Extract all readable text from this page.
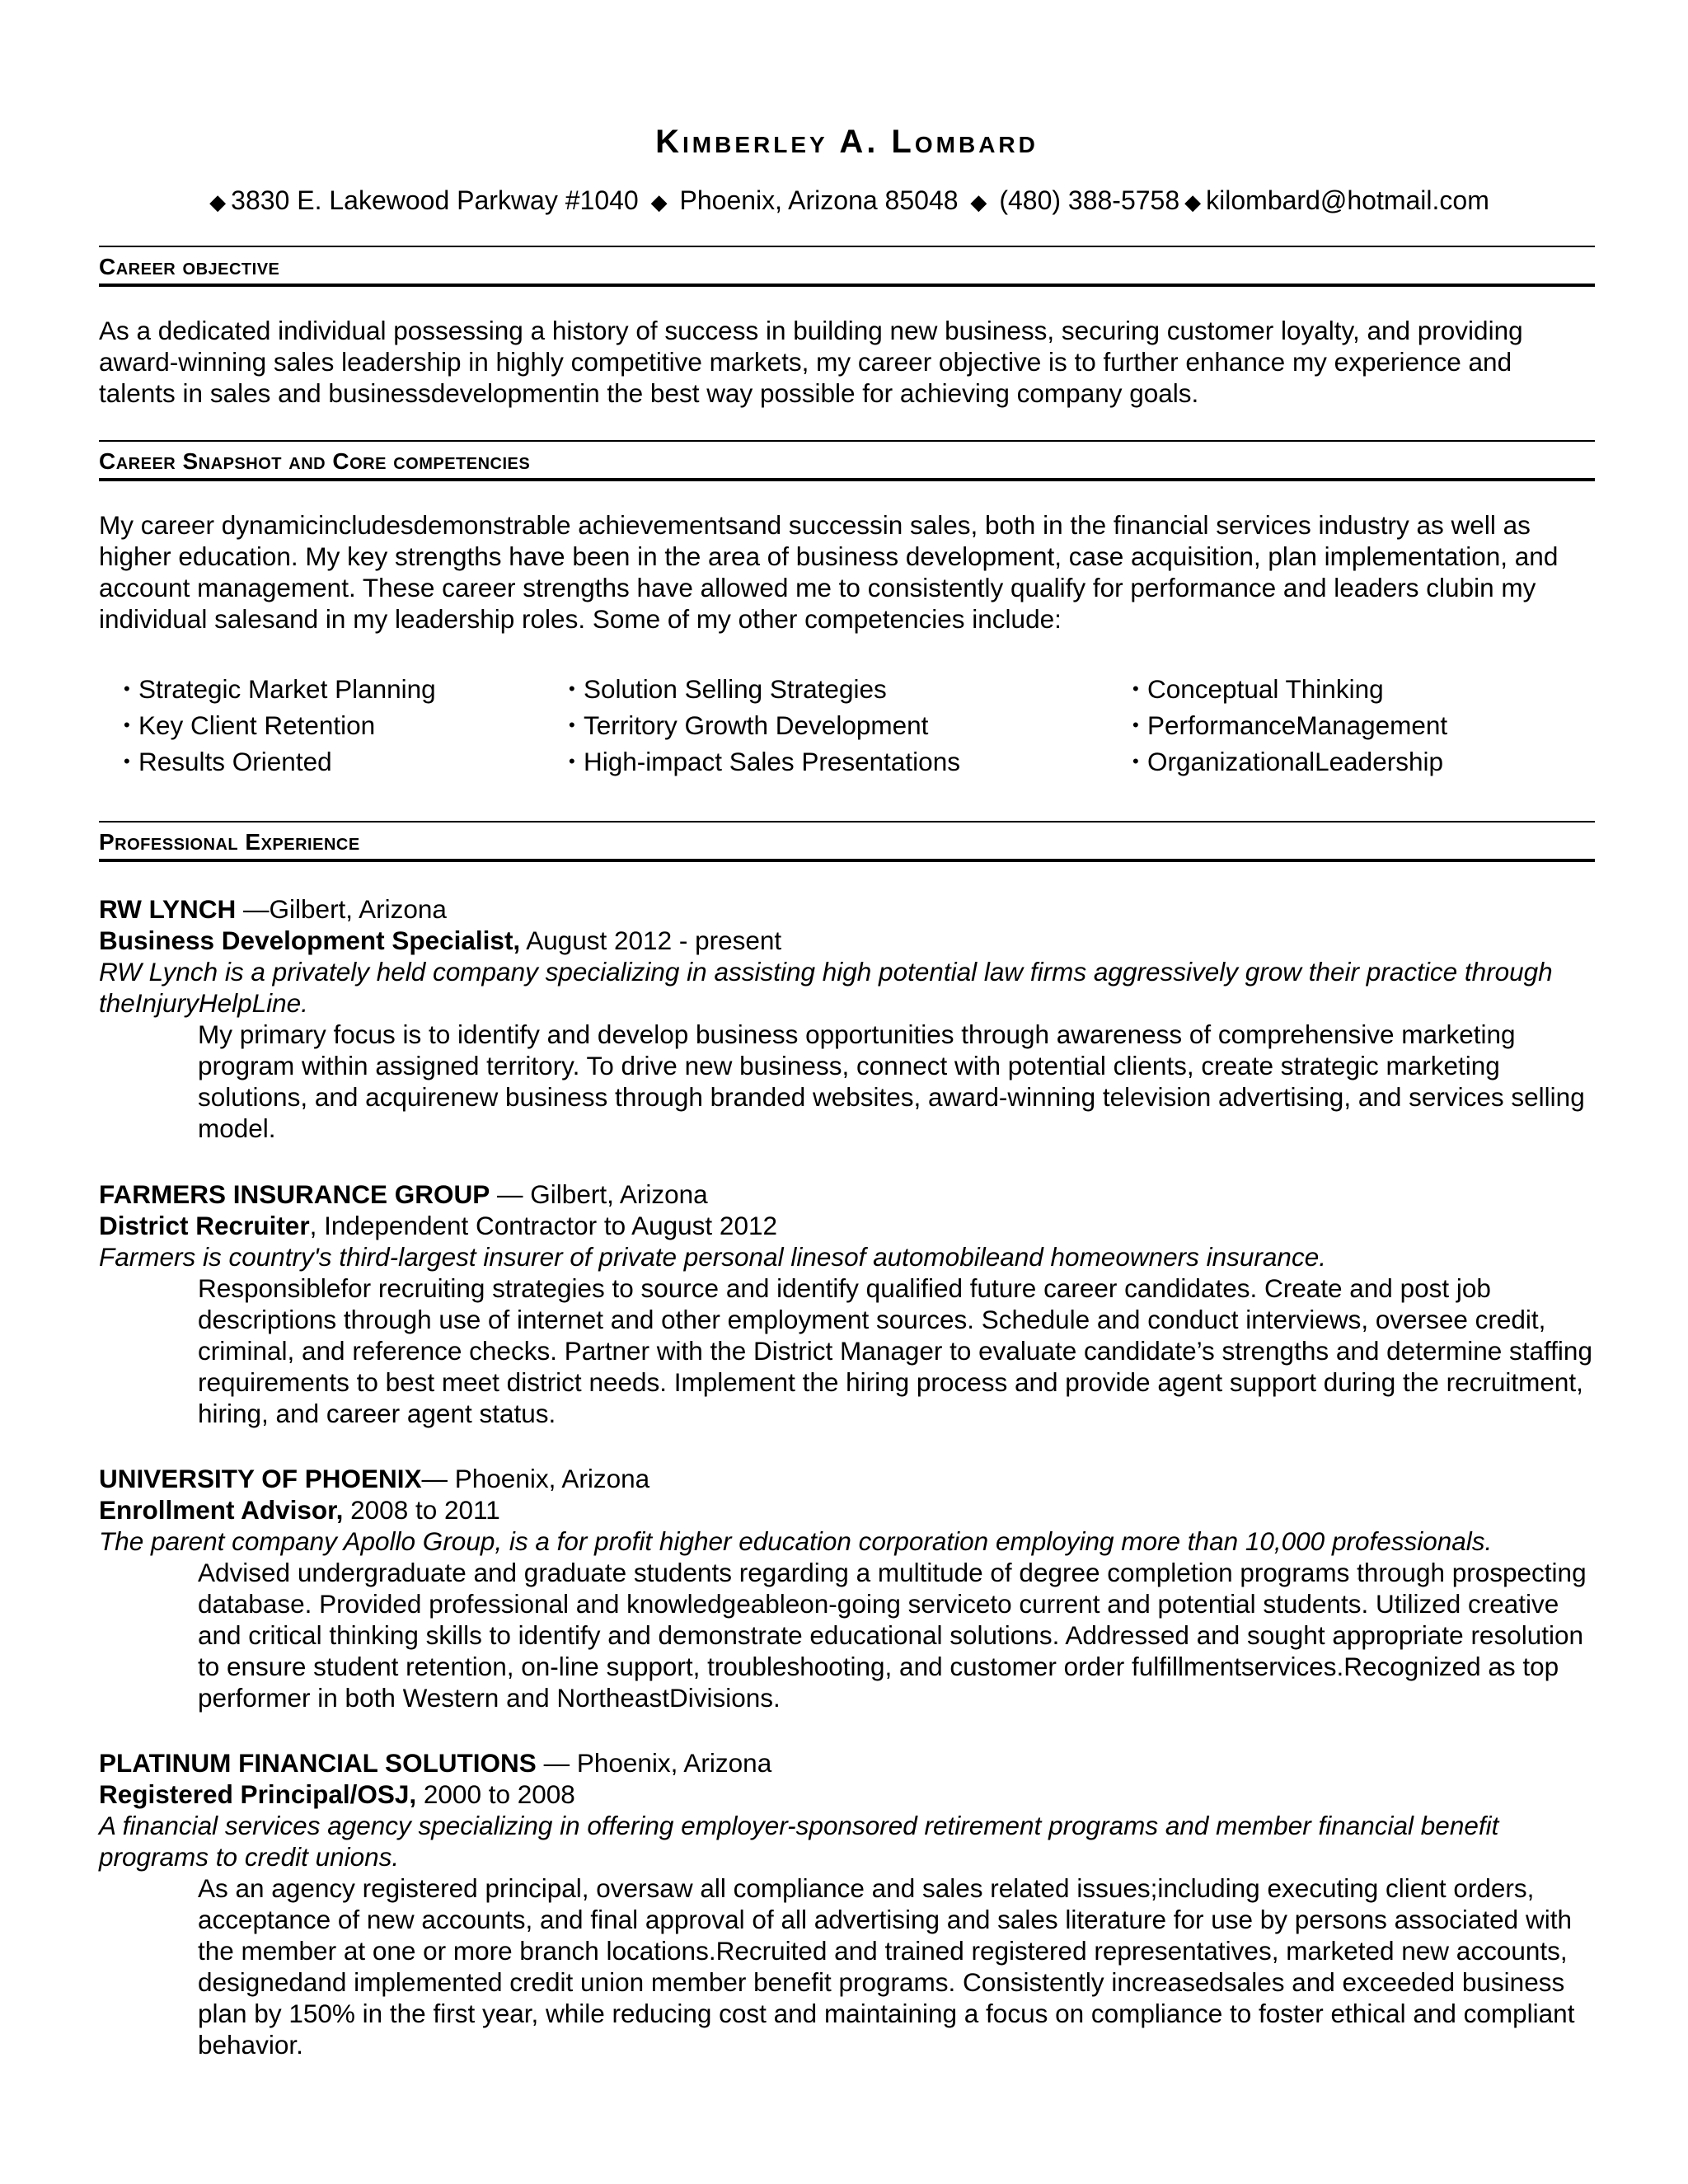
Kimberley A. Lombard
◆ 3830 E. Lakewood Parkway #1040 ◆ Phoenix, Arizona 85048 ◆ (480) 388-5758 ◆ kilombard@hotmail.com
Career objective
As a dedicated individual possessing a history of success in building new business, securing customer loyalty, and providing award-winning sales leadership in highly competitive markets, my career objective is to further enhance my experience and talents in sales and businessdevelopmentin the best way possible for achieving company goals.
Career Snapshot and Core competencies
My career dynamicincludesdemonstrable achievementsand successin sales, both in the financial services industry as well as higher education. My key strengths have been in the area of business development, case acquisition, plan implementation, and account management. These career strengths have allowed me to consistently qualify for performance and leaders clubin my individual salesand in my leadership roles. Some of my other competencies include:
• Strategic Market Planning
• Key Client Retention
• Results Oriented
• Solution Selling Strategies
• Territory Growth Development
• High-impact Sales Presentations
• Conceptual Thinking
• PerformanceManagement
• OrganizationalLeadership
Professional Experience
RW LYNCH —Gilbert, Arizona
Business Development Specialist, August 2012 - present
RW Lynch is a privately held company specializing in assisting high potential law firms aggressively grow their practice through theInjuryHelpLine.
My primary focus is to identify and develop business opportunities through awareness of comprehensive marketing program within assigned territory. To drive new business, connect with potential clients, create strategic marketing solutions, and acquirenew business through branded websites, award-winning television advertising, and services selling model.
FARMERS INSURANCE GROUP — Gilbert, Arizona
District Recruiter, Independent Contractor to August 2012
Farmers is country's third-largest insurer of private personal linesof automobileand homeowners insurance.
Responsiblefor recruiting strategies to source and identify qualified future career candidates. Create and post job descriptions through use of internet and other employment sources. Schedule and conduct interviews, oversee credit, criminal, and reference checks. Partner with the District Manager to evaluate candidate’s strengths and determine staffing requirements to best meet district needs. Implement the hiring process and provide agent support during the recruitment, hiring, and career agent status.
UNIVERSITY OF PHOENIX— Phoenix, Arizona
Enrollment Advisor, 2008 to 2011
The parent company Apollo Group, is a for profit higher education corporation employing more than 10,000 professionals.
Advised undergraduate and graduate students regarding a multitude of degree completion programs through prospecting database. Provided professional and knowledgeableon-going serviceto current and potential students. Utilized creative and critical thinking skills to identify and demonstrate educational solutions. Addressed and sought appropriate resolution to ensure student retention, on-line support, troubleshooting, and customer order fulfillmentservices.Recognized as top performer in both Western and NortheastDivisions.
PLATINUM FINANCIAL SOLUTIONS — Phoenix, Arizona
Registered Principal/OSJ, 2000 to 2008
A financial services agency specializing in offering employer-sponsored retirement programs and member financial benefit programs to credit unions.
As an agency registered principal, oversaw all compliance and sales related issues;including executing client orders, acceptance of new accounts, and final approval of all advertising and sales literature for use by persons associated with the member at one or more branch locations.Recruited and trained registered representatives, marketed new accounts, designedand implemented credit union member benefit programs. Consistently increasedsales and exceeded business plan by 150% in the first year, while reducing cost and maintaining a focus on compliance to foster ethical and compliant behavior.
